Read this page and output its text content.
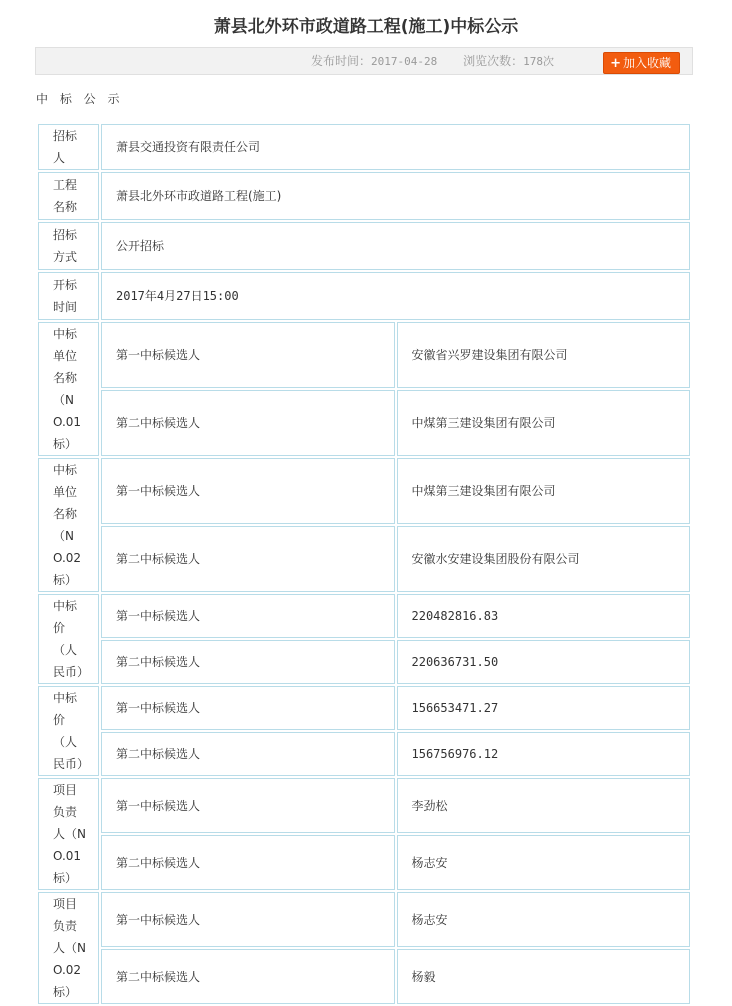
萧县北外环市政道路工程(施工)中标公示
发布时间：2017-04-28 浏览次数：178次	+ 加入收藏
中 标 公 示
招标人	萧县交通投资有限责任公司	
工程名称	萧县北外环市政道路工程(施工)	
招标方式	公开招标	
开标时间	2017年4月27日15:00	
中标单位名称（NO.01标）	第一中标候选人	安徽省兴罗建设集团有限公司
	第二中标候选人	中煤第三建设集团有限公司
中标单位名称（NO.02标）	第一中标候选人	中煤第三建设集团有限公司
	第二中标候选人	安徽水安建设集团股份有限公司
中标价（人民币）	第一中标候选人	220482816.83
	第二中标候选人	220636731.50
中标价（人民币）	第一中标候选人	156653471.27
	第二中标候选人	156756976.12
项目负责人（NO.01标）	第一中标候选人	李劲松
	第二中标候选人	杨志安
项目负责人（NO.02标）	第一中标候选人	杨志安
	第二中标候选人	杨毅
